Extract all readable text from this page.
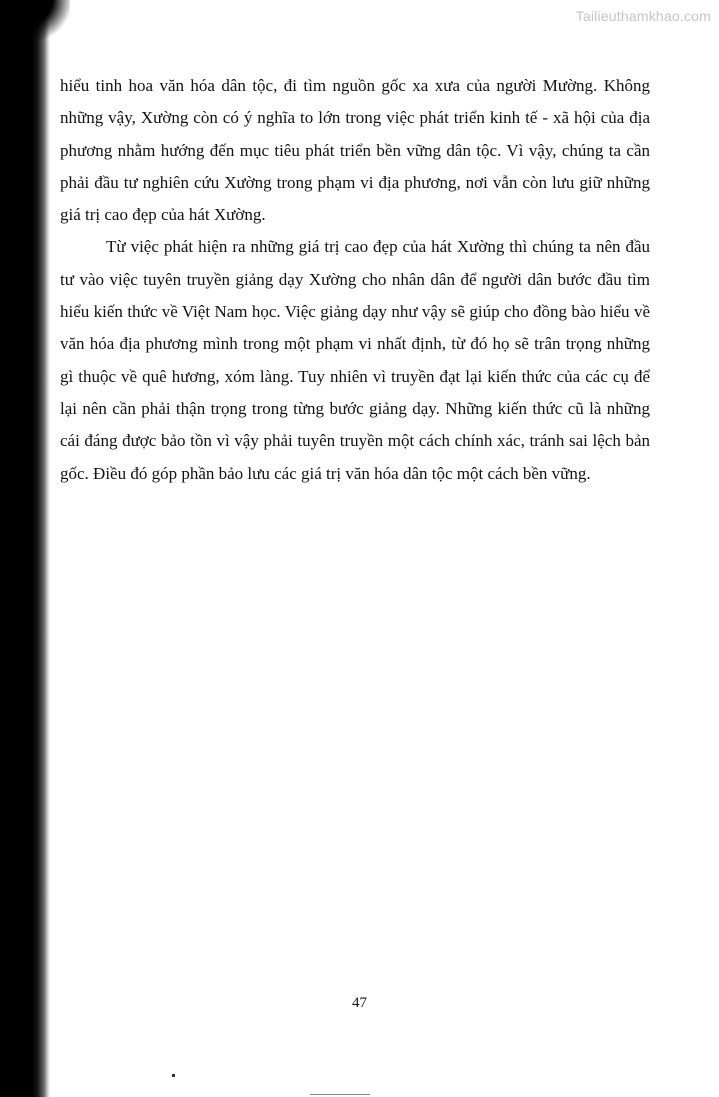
Tailieuthamkhao.com

hiểu tinh hoa văn hóa dân tộc, đi tìm nguồn gốc xa xưa của người Mường. Không những vậy, Xường còn có ý nghĩa to lớn trong việc phát triển kinh tế - xã hội của địa phương nhằm hướng đến mục tiêu phát triển bền vững dân tộc. Vì vậy, chúng ta cần phải đầu tư nghiên cứu Xường trong phạm vi địa phương, nơi vẫn còn lưu giữ những giá trị cao đẹp của hát Xường.

Từ việc phát hiện ra những giá trị cao đẹp của hát Xường thì chúng ta nên đầu tư vào việc tuyên truyền giảng dạy Xường cho nhân dân để người dân bước đầu tìm hiểu kiến thức về Việt Nam học. Việc giảng dạy như vậy sẽ giúp cho đồng bào hiểu về văn hóa địa phương mình trong một phạm vi nhất định, từ đó họ sẽ trân trọng những gì thuộc về quê hương, xóm làng. Tuy nhiên vì truyền đạt lại kiến thức của các cụ để lại nên cần phải thận trọng trong từng bước giảng dạy. Những kiến thức cũ là những cái đáng được bảo tồn vì vậy phải tuyên truyền một cách chính xác, tránh sai lệch bản gốc. Điều đó góp phần bảo lưu các giá trị văn hóa dân tộc một cách bền vững.

47
